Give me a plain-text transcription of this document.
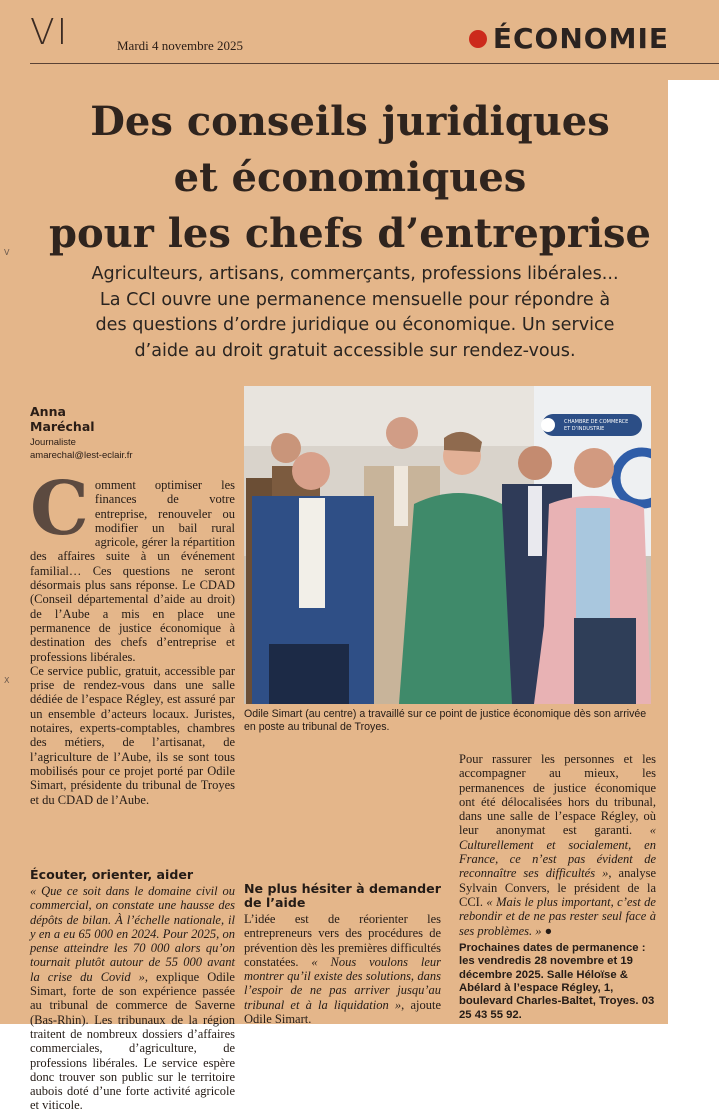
VI	Mardi 4 novembre 2025	ÉCONOMIE
Des conseils juridiques
et économiques
pour les chefs d’entreprise

Agriculteurs, artisans, commerçants, professions libérales...
La CCI ouvre une permanence mensuelle pour répondre à
des questions d’ordre juridique ou économique. Un service
d’aide au droit gratuit accessible sur rendez-vous.

Anna Maréchal
Journaliste
amarechal@lest-eclair.fr

Comment optimiser les finances de votre entreprise, renouveler ou modifier un bail rural agricole, gérer la répartition des affaires suite à un événement familial… Ces questions ne seront désormais plus sans réponse. Le CDAD (Conseil départemental d’aide au droit) de l’Aube a mis en place une permanence de justice économique à destination des chefs d’entreprise et professions libérales.

Ce service public, gratuit, accessible par prise de rendez-vous dans une salle dédiée de l’espace Régley, est assuré par un ensemble d’acteurs locaux. Juristes, notaires, experts-comptables, chambres des métiers, de l’artisanat, de l’agriculture de l’Aube, ils se sont tous mobilisés pour ce projet porté par Odile Simart, présidente du tribunal de Troyes et du CDAD de l’Aube.

Écouter, orienter, aider

« Que ce soit dans le domaine civil ou commercial, on constate une hausse des dépôts de bilan. À l’échelle nationale, il y en a eu 65 000 en 2024. Pour 2025, on pense atteindre les 70 000 alors qu’on tournait plutôt autour de 55 000 avant la crise du Covid », explique Odile Simart, forte de son expérience passée au tribunal de commerce de Saverne (Bas-Rhin). Les tribunaux de la région traitent de nombreux dossiers d’affaires commerciales, d’agriculture, de professions libérales. Le service espère donc trouver son public sur le territoire aubois doté d’une forte activité agricole et viticole.

Ne plus hésiter à demander de l’aide

L’idée est de réorienter les entrepreneurs vers des procédures de prévention dès les premières difficultés constatées. « Nous voulons leur montrer qu’il existe des solutions, dans l’espoir de ne pas arriver jusqu’au tribunal et à la liquidation », ajoute Odile Simart.

Pour rassurer les personnes et les accompagner au mieux, les permanences de justice économique ont été délocalisées hors du tribunal, dans une salle de l’espace Régley, où leur anonymat est garanti. « Culturellement et socialement, en France, ce n’est pas évident de reconnaître ses difficultés », analyse Sylvain Convers, le président de la CCI. « Mais le plus important, c’est de rebondir et de ne pas rester seul face à ses problèmes. » ●

Prochaines dates de permanence : les vendredis 28 novembre et 19 décembre 2025. Salle Héloïse & Abélard à l’espace Régley, 1, boulevard Charles-Baltet, Troyes. 03 25 43 55 92.

CHAMBRE DE COMMERCE
ET D’INDUSTRIE
Odile Simart (au centre) a travaillé sur ce point de justice économique dès son arrivée en poste au tribunal de Troyes.
V
X
